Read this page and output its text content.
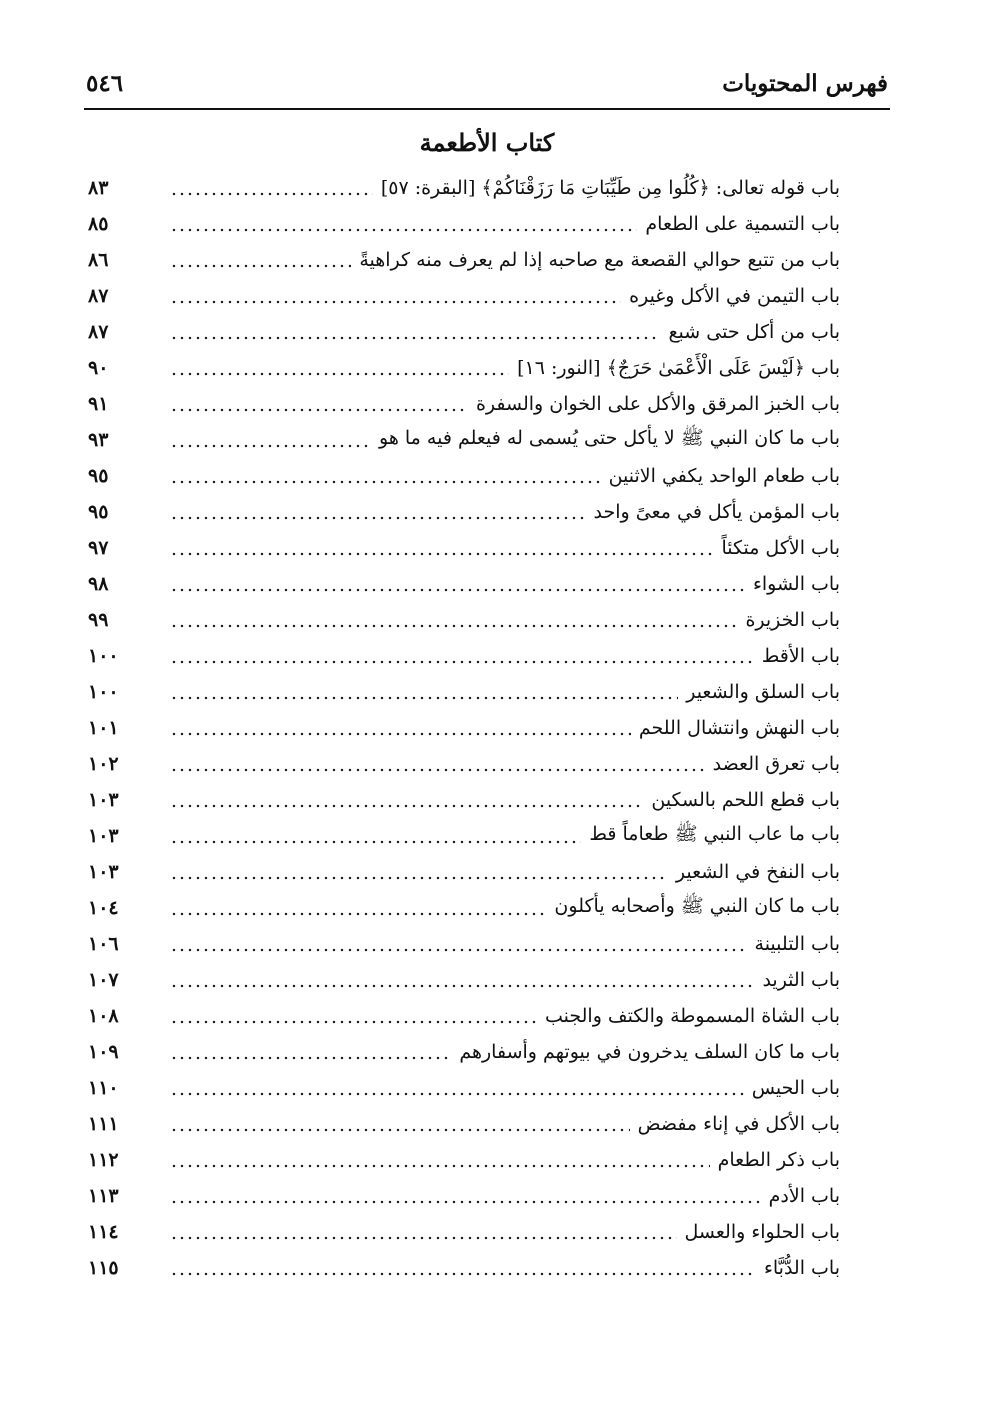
فهرس المحتويات
٥٤٦
كتاب الأطعمة
باب قوله تعالى: ﴿كُلُوا مِن طَيِّبَاتِ مَا رَزَقْنَاكُمْ﴾ [البقرة: ٥٧]
٨٣
باب التسمية على الطعام
٨٥
باب من تتبع حوالي القصعة مع صاحبه إذا لم يعرف منه كراهيةً
٨٦
باب التيمن في الأكل وغيره
٨٧
باب من أكل حتى شبع
٨٧
باب ﴿لَيْسَ عَلَى الْأَعْمَىٰ حَرَجٌ﴾ [النور: ١٦]
٩٠
باب الخبز المرقق والأكل على الخوان والسفرة
٩١
باب ما كان النبي ﷺ لا يأكل حتى يُسمى له فيعلم فيه ما هو
٩٣
باب طعام الواحد يكفي الاثنين
٩٥
باب المؤمن يأكل في معىً واحد
٩٥
باب الأكل متكئاً
٩٧
باب الشواء
٩٨
باب الخزيرة
٩٩
باب الأقط
١٠٠
باب السلق والشعير
١٠٠
باب النهش وانتشال اللحم
١٠١
باب تعرق العضد
١٠٢
باب قطع اللحم بالسكين
١٠٣
باب ما عاب النبي ﷺ طعاماً قط
١٠٣
باب النفخ في الشعير
١٠٣
باب ما كان النبي ﷺ وأصحابه يأكلون
١٠٤
باب التلبينة
١٠٦
باب الثريد
١٠٧
باب الشاة المسموطة والكتف والجنب
١٠٨
باب ما كان السلف يدخرون في بيوتهم وأسفارهم
١٠٩
باب الحيس
١١٠
باب الأكل في إناء مفضض
١١١
باب ذكر الطعام
١١٢
باب الأدم
١١٣
باب الحلواء والعسل
١١٤
باب الدُّبَّاء
١١٥
